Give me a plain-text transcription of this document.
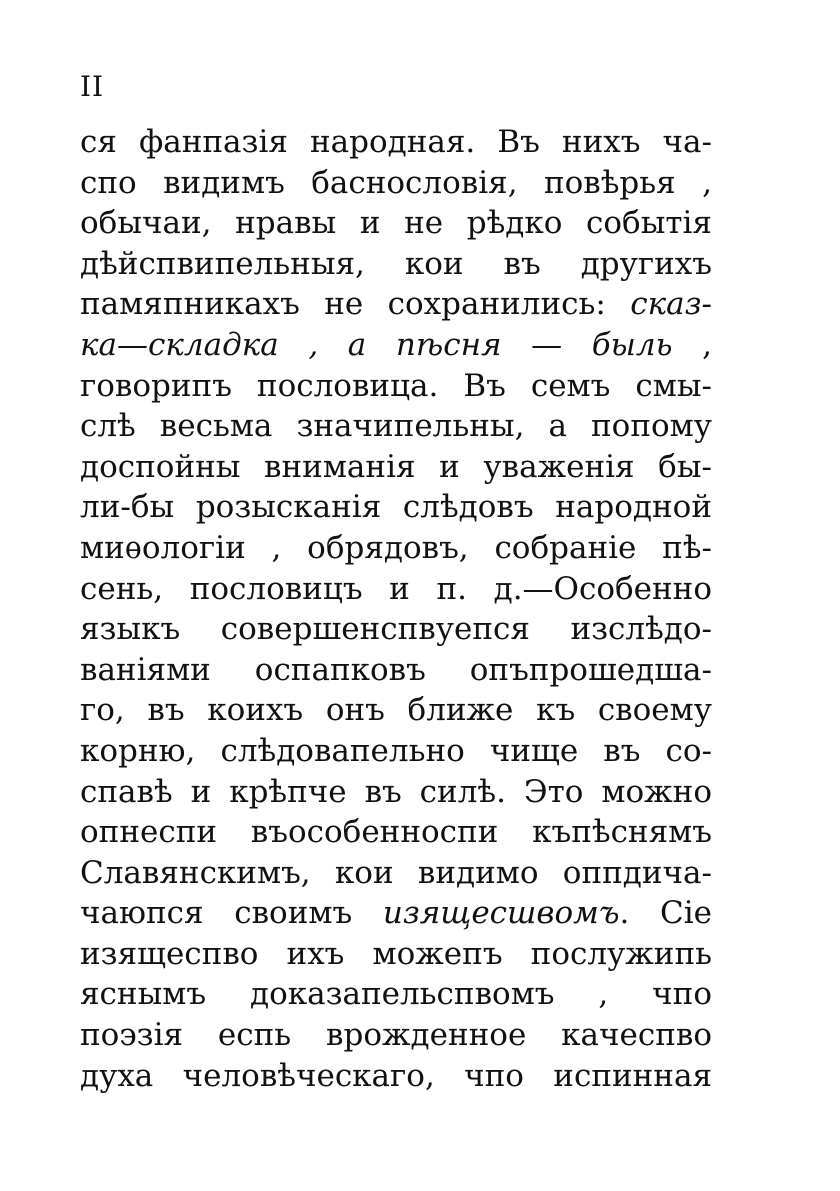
II
ся фанпазія народная. Въ нихъ ча-
спо видимъ баснословія, повѣрья ,
обычаи, нравы и не рѣдко событія
дѣйспвипельныя, кои въ другихъ
памяпникахъ не сохранились: сказ-
ка—складка , а пѣсня — быль ,
говорипъ пословица. Въ семъ смы-
слѣ весьма значипельны, а попому
доспойны вниманія и уваженія бы-
ли-бы розысканія слѣдовъ народной
миѳологіи , обрядовъ, собраніе пѣ-
сень, пословицъ и п. д.—Особенно
языкъ совершенспвуепся изслѣдо-
ваніями оспапковъ опъпрошедша-
го, въ коихъ онъ ближе къ своему
корню, слѣдовапельно чище въ со-
спавѣ и крѣпче въ силѣ. Это можно
опнеспи въособенноспи къпѣснямъ
Славянскимъ, кои видимо оппдича-
чаюпся своимъ изящесшвомъ. Сіе
изящеспво ихъ можепъ послужипь
яснымъ доказапельспвомъ , чпо
поэзія еспь врожденное качеспво
духа человѣческаго, чпо испинная
